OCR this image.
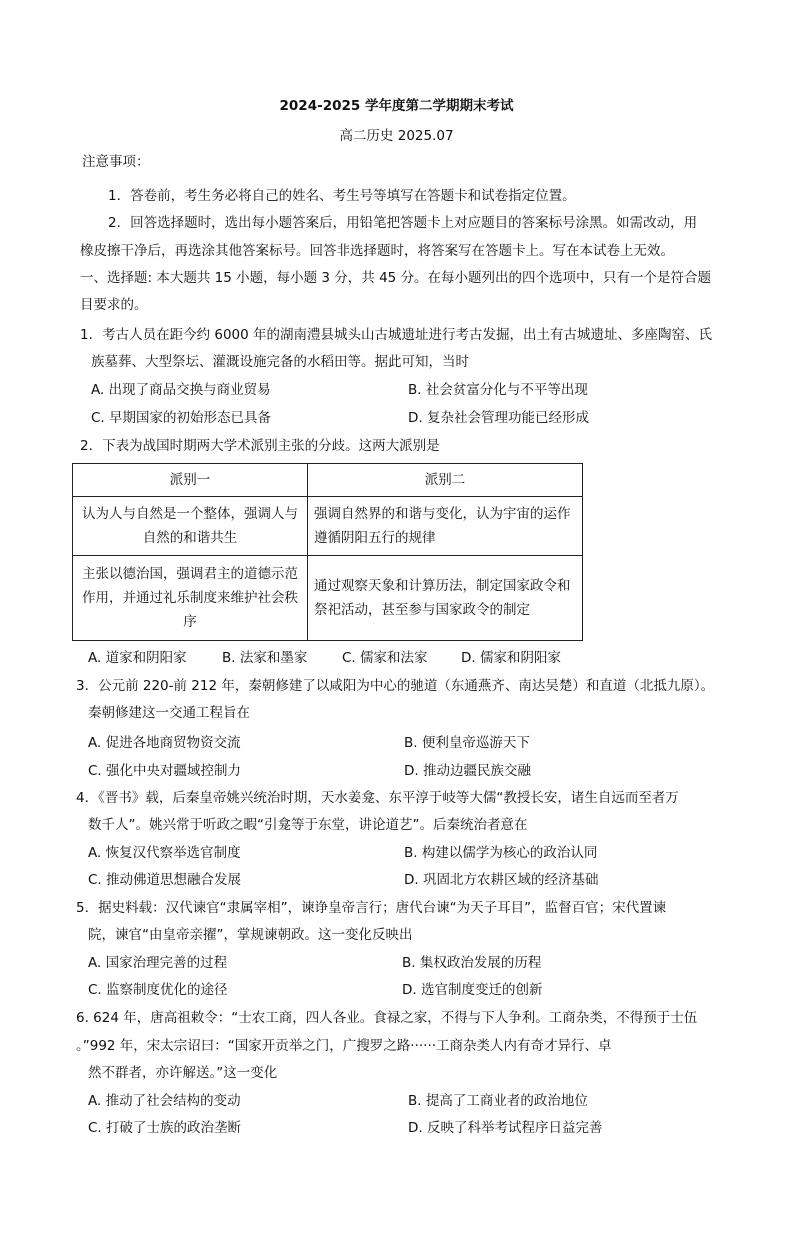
2024-2025 学年度第二学期期末考试
高二历史 2025.07
注意事项：
1．答卷前，考生务必将自己的姓名、考生号等填写在答题卡和试卷指定位置。
2．回答选择题时，选出每小题答案后，用铅笔把答题卡上对应题目的答案标号涂黑。如需改动，用
橡皮擦干净后，再选涂其他答案标号。回答非选择题时，将答案写在答题卡上。写在本试卷上无效。
一、选择题: 本大题共 15 小题，每小题 3 分，共 45 分。在每小题列出的四个选项中，只有一个是符合题
目要求的。
1．考古人员在距今约 6000 年的湖南澧县城头山古城遗址进行考古发掘，出土有古城遗址、多座陶窑、氏
族墓葬、大型祭坛、灌溉设施完备的水稻田等。据此可知，当时
A. 出现了商品交换与商业贸易	B. 社会贫富分化与不平等出现
C. 早期国家的初始形态已具备	D. 复杂社会管理功能已经形成
2．下表为战国时期两大学术派别主张的分歧。这两大派别是
派别一	派别二
认为人与自然是一个整体，强调人与自然的和谐共生	强调自然界的和谐与变化，认为宇宙的运作遵循阴阳五行的规律
主张以德治国，强调君主的道德示范作用，并通过礼乐制度来维护社会秩序	通过观察天象和计算历法，制定国家政令和祭祀活动，甚至参与国家政令的制定
A. 道家和阴阳家	B. 法家和墨家	C. 儒家和法家 D. 儒家和阴阳家
3．公元前 220-前 212 年，秦朝修建了以咸阳为中心的驰道（东通燕齐、南达吴楚）和直道（北抵九原）。
秦朝修建这一交通工程旨在
A. 促进各地商贸物资交流	B. 便利皇帝巡游天下
C. 强化中央对疆域控制力	D. 推动边疆民族交融
4．《晋书》载，后秦皇帝姚兴统治时期，天水姜龛、东平淳于岐等大儒“教授长安，诸生自远而至者万
数千人”。姚兴常于听政之暇“引龛等于东堂，讲论道艺”。后秦统治者意在
A. 恢复汉代察举选官制度	B. 构建以儒学为核心的政治认同
C. 推动佛道思想融合发展	D. 巩固北方农耕区域的经济基础
5．据史料载：汉代谏官“隶属宰相”，谏诤皇帝言行；唐代台谏“为天子耳目”，监督百官；宋代置谏
院，谏官“由皇帝亲擢”，掌规谏朝政。这一变化反映出
A. 国家治理完善的过程	B. 集权政治发展的历程
C. 监察制度优化的途径	D. 选官制度变迁的创新
6. 624 年，唐高祖敕令：“士农工商，四人各业。食禄之家，不得与下人争利。工商杂类，不得预于士伍
。”992 年，宋太宗诏曰：“国家开贡举之门，广搜罗之路······工商杂类人内有奇才异行、卓
然不群者，亦许解送。”这一变化
A. 推动了社会结构的变动	B. 提高了工商业者的政治地位
C. 打破了士族的政治垄断	D. 反映了科举考试程序日益完善
